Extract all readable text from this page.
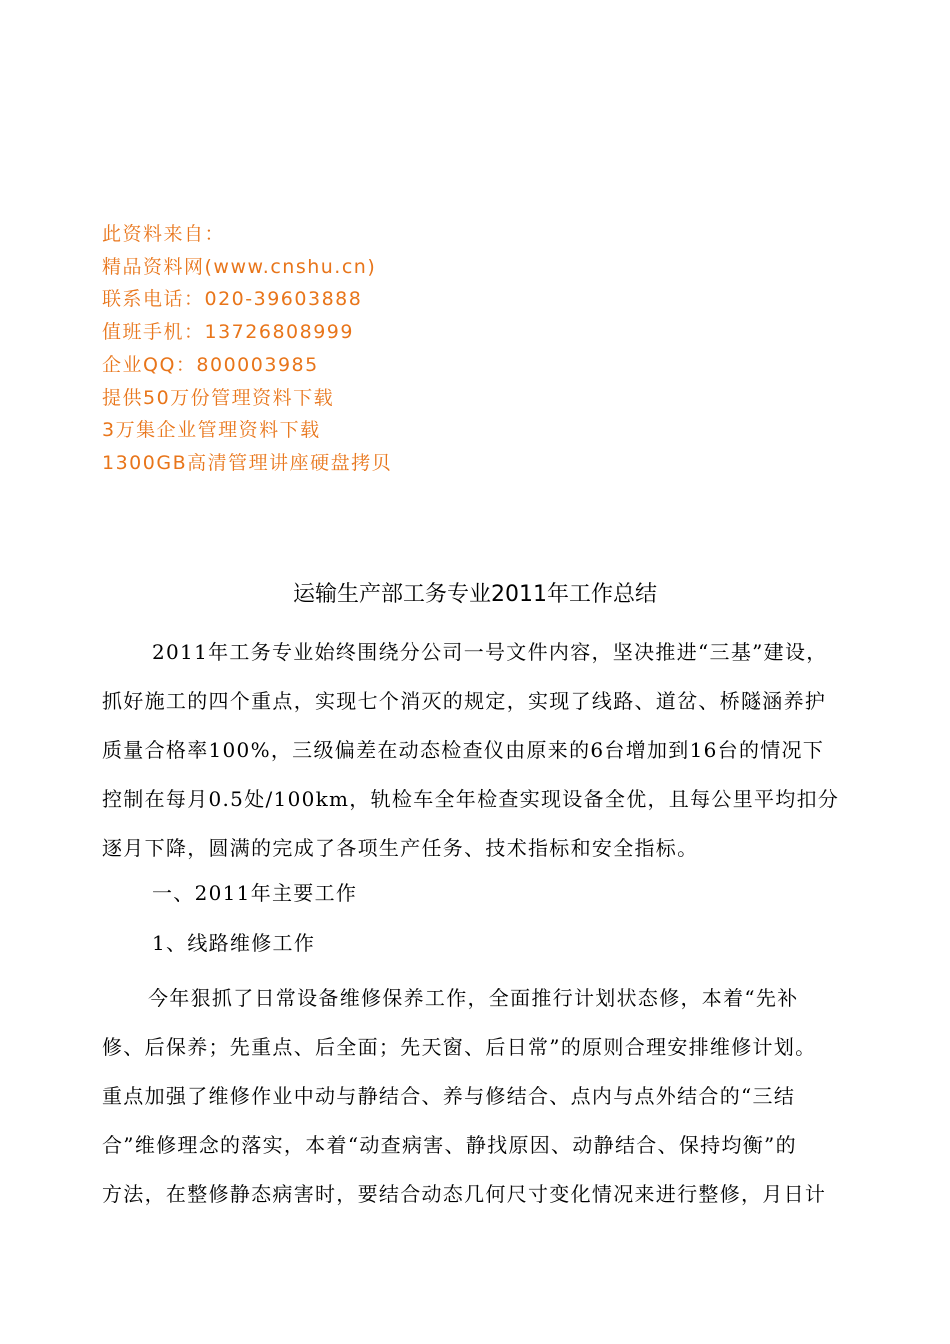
此资料来自：
精品资料网(www.cnshu.cn)
联系电话：020-39603888
值班手机：13726808999
企业QQ：800003985
提供50万份管理资料下载
3万集企业管理资料下载
1300GB高清管理讲座硬盘拷贝
运输生产部工务专业2011年工作总结
2011年工务专业始终围绕分公司一号文件内容，坚决推进“三基”建设，
抓好施工的四个重点，实现七个消灭的规定，实现了线路、道岔、桥隧涵养护
质量合格率100%，三级偏差在动态检查仪由原来的6台增加到16台的情况下
控制在每月0.5处/100km，轨检车全年检查实现设备全优，且每公里平均扣分
逐月下降，圆满的完成了各项生产任务、技术指标和安全指标。
一、2011年主要工作
1、线路维修工作
今年狠抓了日常设备维修保养工作，全面推行计划状态修，本着“先补
修、后保养；先重点、后全面；先天窗、后日常”的原则合理安排维修计划。
重点加强了维修作业中动与静结合、养与修结合、点内与点外结合的“三结
合”维修理念的落实，本着“动查病害、静找原因、动静结合、保持均衡”的
方法，在整修静态病害时，要结合动态几何尺寸变化情况来进行整修，月日计
